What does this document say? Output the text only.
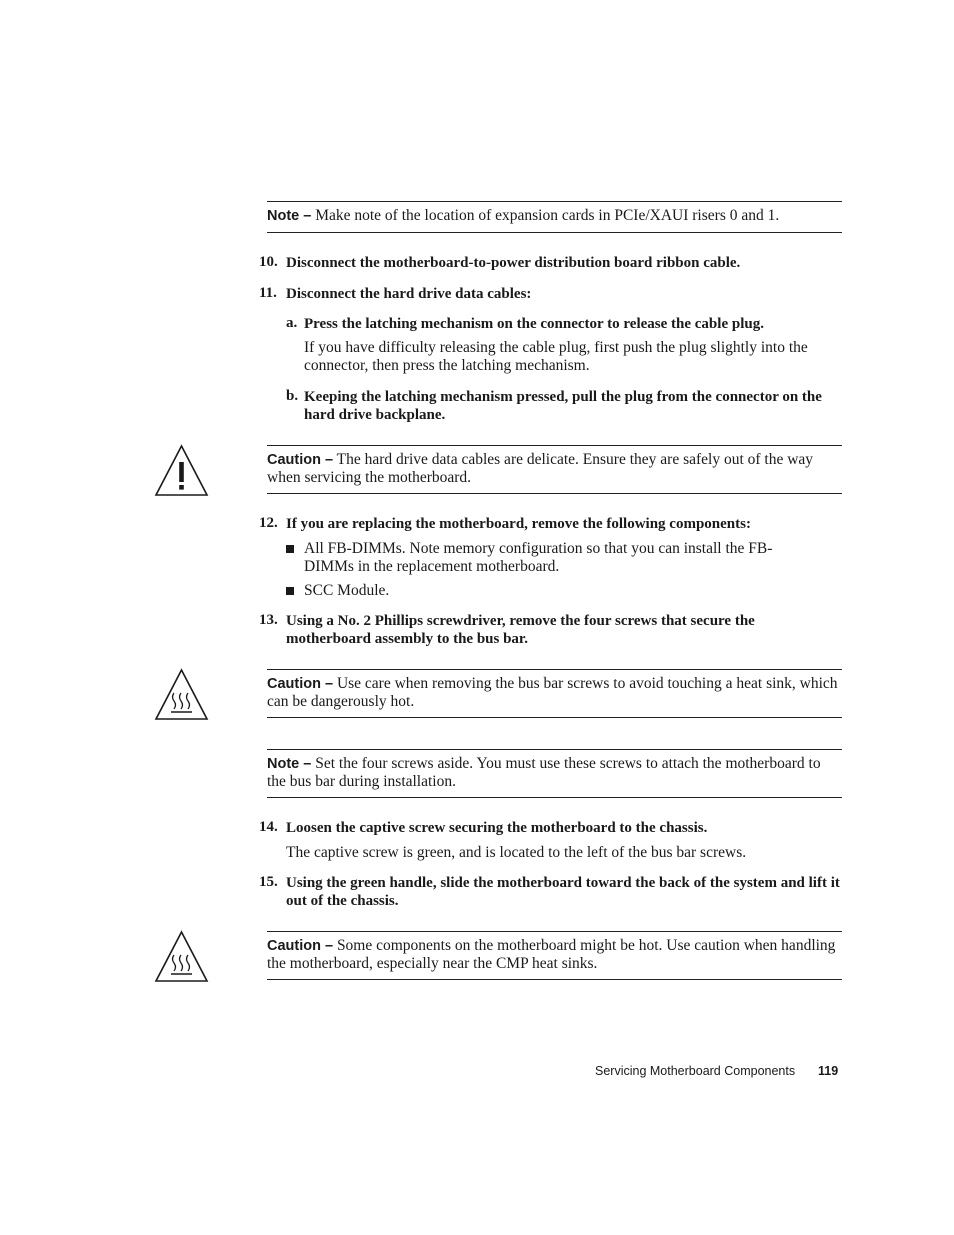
Note – Make note of the location of expansion cards in PCIe/XAUI risers 0 and 1.
10. Disconnect the motherboard-to-power distribution board ribbon cable.
11. Disconnect the hard drive data cables:
a. Press the latching mechanism on the connector to release the cable plug.
If you have difficulty releasing the cable plug, first push the plug slightly into the connector, then press the latching mechanism.
b. Keeping the latching mechanism pressed, pull the plug from the connector on the hard drive backplane.
Caution – The hard drive data cables are delicate. Ensure they are safely out of the way when servicing the motherboard.
12. If you are replacing the motherboard, remove the following components:
All FB-DIMMs. Note memory configuration so that you can install the FB-DIMMs in the replacement motherboard.
SCC Module.
13. Using a No. 2 Phillips screwdriver, remove the four screws that secure the motherboard assembly to the bus bar.
Caution – Use care when removing the bus bar screws to avoid touching a heat sink, which can be dangerously hot.
Note – Set the four screws aside. You must use these screws to attach the motherboard to the bus bar during installation.
14. Loosen the captive screw securing the motherboard to the chassis.
The captive screw is green, and is located to the left of the bus bar screws.
15. Using the green handle, slide the motherboard toward the back of the system and lift it out of the chassis.
Caution – Some components on the motherboard might be hot. Use caution when handling the motherboard, especially near the CMP heat sinks.
Servicing Motherboard Components 119
